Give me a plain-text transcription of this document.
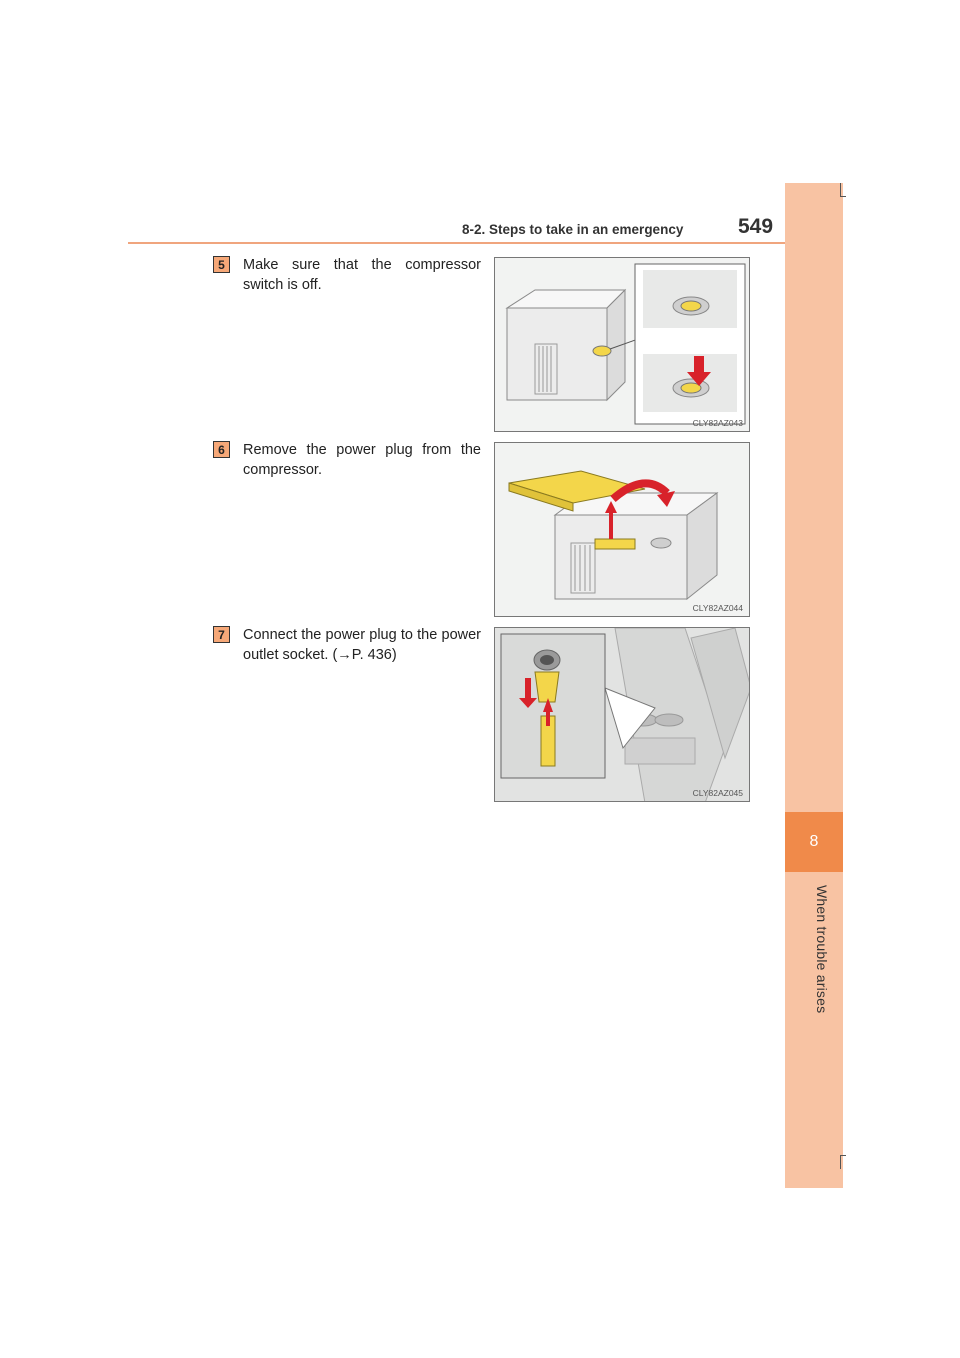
8-2. Steps to take in an emergency	549
8
When trouble arises
5	Make sure that the compressor switch is off.
CLY82AZ043
6	Remove the power plug from the compressor.
CLY82AZ044
7	Connect the power plug to the power outlet socket. (→P. 436)
CLY82AZ045
